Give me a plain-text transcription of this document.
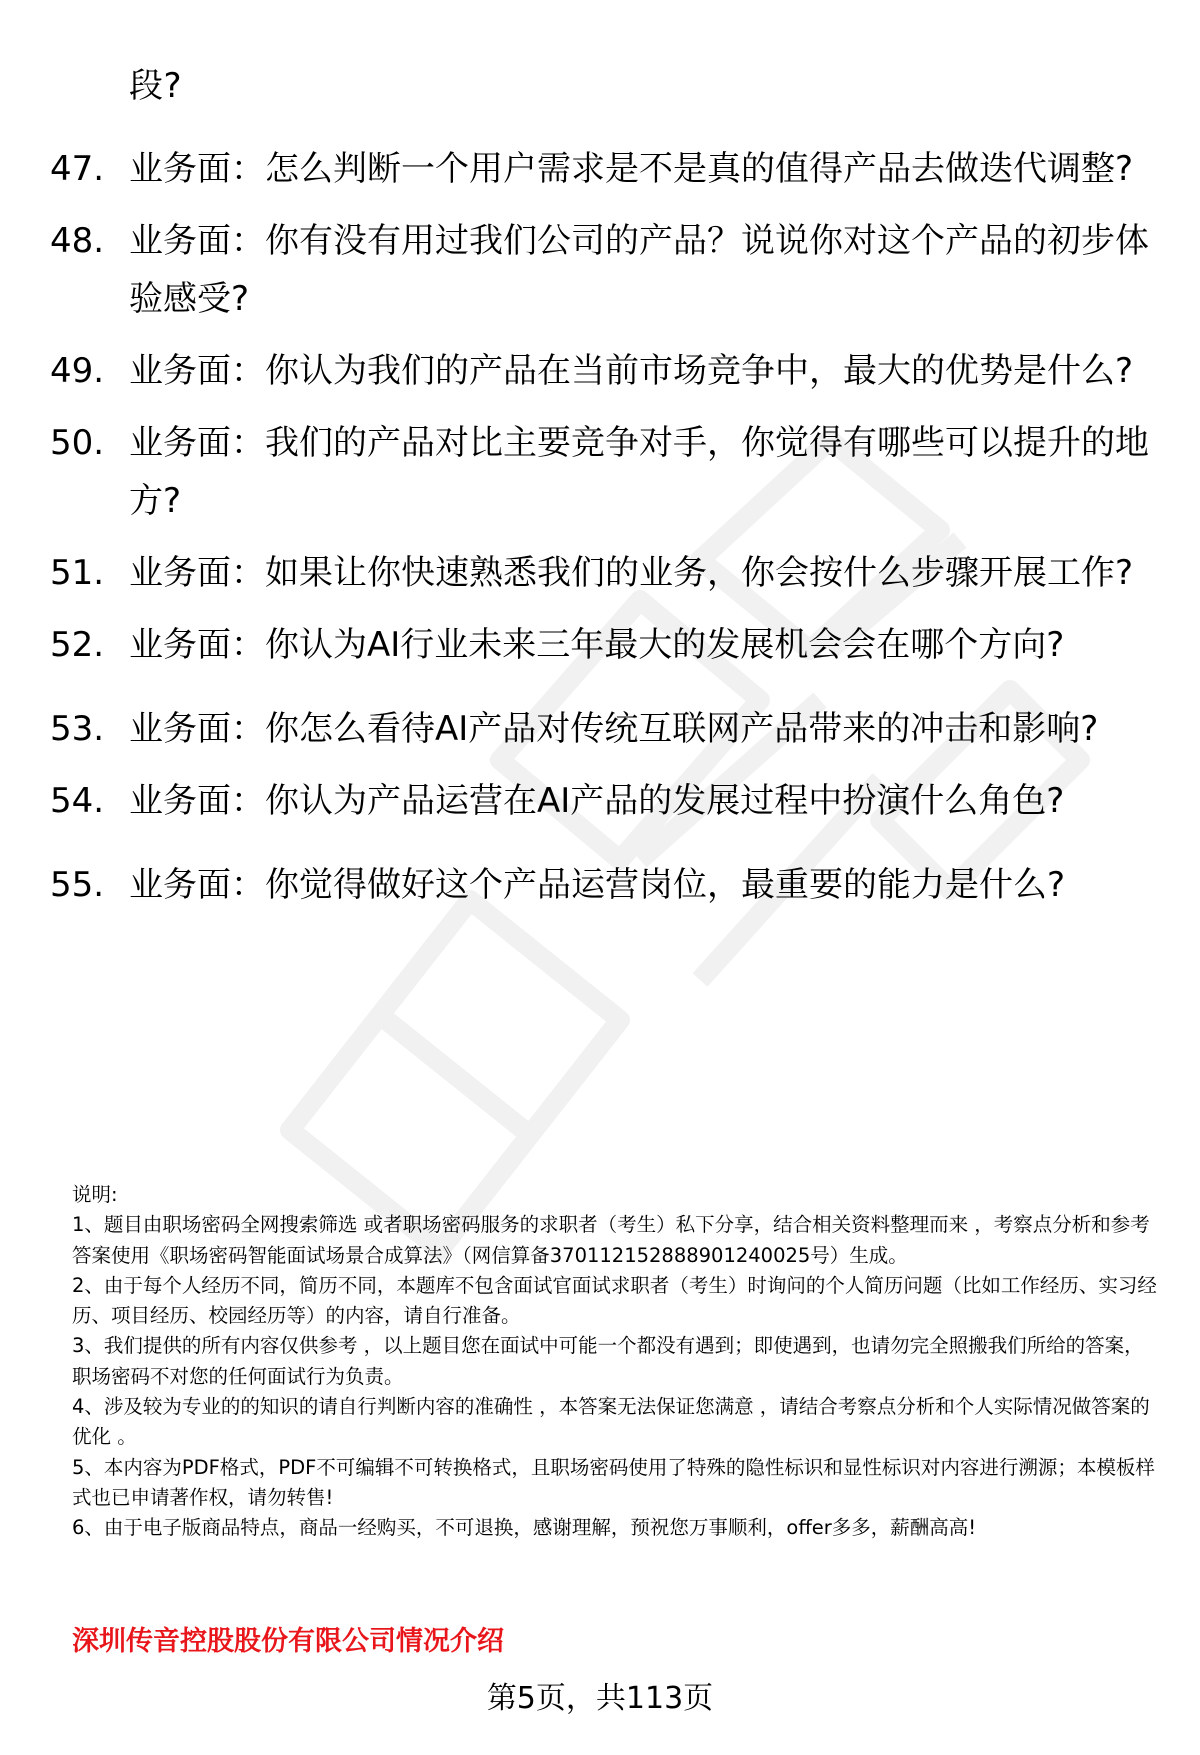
段?
47. 业务面：怎么判断一个用户需求是不是真的值得产品去做迭代调整?
48. 业务面：你有没有用过我们公司的产品？说说你对这个产品的初步体验感受?
49. 业务面：你认为我们的产品在当前市场竞争中，最大的优势是什么?
50. 业务面：我们的产品对比主要竞争对手，你觉得有哪些可以提升的地方?
51. 业务面：如果让你快速熟悉我们的业务，你会按什么步骤开展工作?
52. 业务面：你认为AI行业未来三年最大的发展机会会在哪个方向?
53. 业务面：你怎么看待AI产品对传统互联网产品带来的冲击和影响?
54. 业务面：你认为产品运营在AI产品的发展过程中扮演什么角色?
55. 业务面：你觉得做好这个产品运营岗位，最重要的能力是什么?

说明:

1、题目由职场密码全网搜索筛选 或者职场密码服务的求职者（考生）私下分享，结合相关资料整理而来 ，考察点分析和参考答案使用《职场密码智能面试场景合成算法》（网信算备370112152888901240025号）生成。

2、由于每个人经历不同，简历不同，本题库不包含面试官面试求职者（考生）时询问的个人简历问题（比如工作经历、实习经历、项目经历、校园经历等）的内容，请自行准备。

3、我们提供的所有内容仅供参考 ，以上题目您在面试中可能一个都没有遇到；即使遇到，也请勿完全照搬我们所给的答案，职场密码不对您的任何面试行为负责。

4、涉及较为专业的的知识的请自行判断内容的准确性 ，本答案无法保证您满意 ，请结合考察点分析和个人实际情况做答案的优化 。

5、本内容为PDF格式，PDF不可编辑不可转换格式，且职场密码使用了特殊的隐性标识和显性标识对内容进行溯源；本模板样式也已申请著作权，请勿转售!

6、由于电子版商品特点，商品一经购买，不可退换，感谢理解，预祝您万事顺利，offer多多，薪酬高高!

深圳传音控股股份有限公司情况介绍
第5页，共113页
